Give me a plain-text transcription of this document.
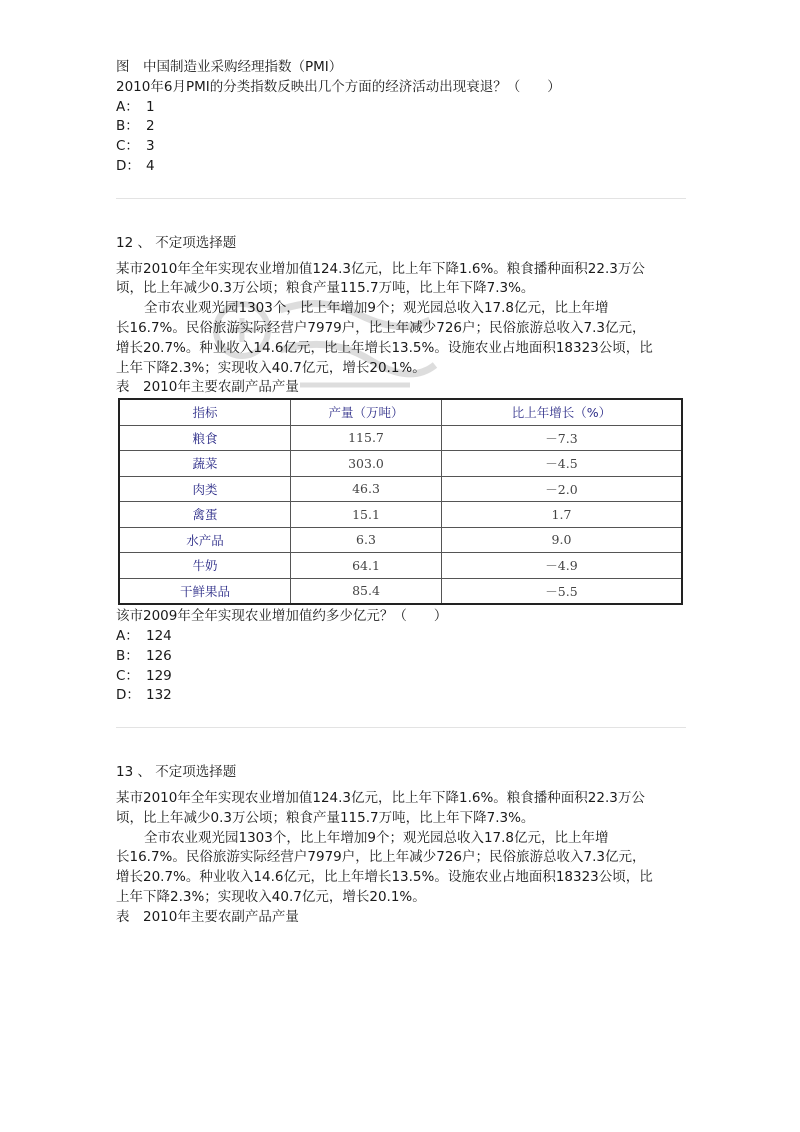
图　中国制造业采购经理指数（PMI）
2010年6月PMI的分类指数反映出几个方面的经济活动出现衰退？（　　）
A： 1
B： 2
C： 3
D： 4
12 、 不定项选择题
某市2010年全年实现农业增加值124.3亿元，比上年下降1.6%。粮食播种面积22.3万公
顷，比上年减少0.3万公顷；粮食产量115.7万吨，比上年下降7.3%。
全市农业观光园1303个，比上年增加9个；观光园总收入17.8亿元，比上年增
长16.7%。民俗旅游实际经营户7979户，比上年减少726户；民俗旅游总收入7.3亿元，
增长20.7%。种业收入14.6亿元，比上年增长13.5%。设施农业占地面积18323公顷，比
上年下降2.3%；实现收入40.7亿元，增长20.1%。
表　2010年主要农副产品产量
指标	产量（万吨）	比上年增长（%）
粮食	115.7	－7.3
蔬菜	303.0	－4.5
肉类	46.3	－2.0
禽蛋	15.1	1.7
水产品	6.3	9.0
牛奶	64.1	－4.9
干鲜果品	85.4	－5.5
该市2009年全年实现农业增加值约多少亿元？（　　）
A： 124
B： 126
C： 129
D： 132
13 、 不定项选择题
某市2010年全年实现农业增加值124.3亿元，比上年下降1.6%。粮食播种面积22.3万公
顷，比上年减少0.3万公顷；粮食产量115.7万吨，比上年下降7.3%。
全市农业观光园1303个，比上年增加9个；观光园总收入17.8亿元，比上年增
长16.7%。民俗旅游实际经营户7979户，比上年减少726户；民俗旅游总收入7.3亿元，
增长20.7%。种业收入14.6亿元，比上年增长13.5%。设施农业占地面积18323公顷，比
上年下降2.3%；实现收入40.7亿元，增长20.1%。
表　2010年主要农副产品产量
